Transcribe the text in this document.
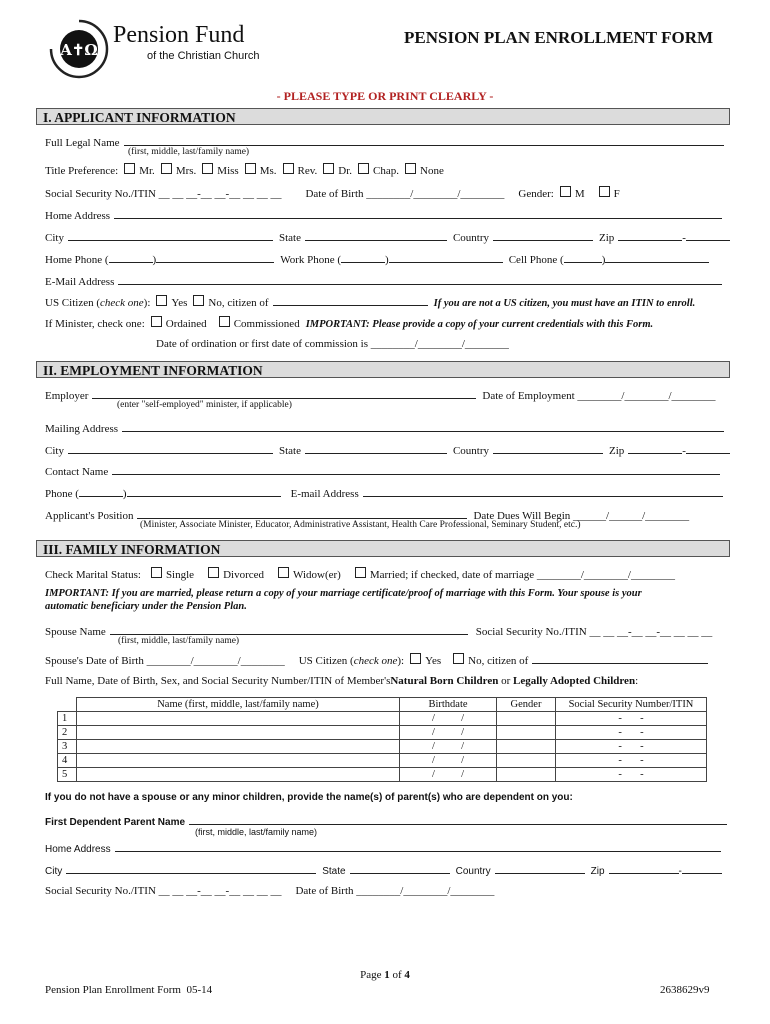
A✝Ω
Pension Fund
of the Christian Church
PENSION PLAN ENROLLMENT FORM
- PLEASE TYPE OR PRINT CLEARLY -
I. APPLICANT INFORMATION
Full Legal Name
(first, middle, last/family name)
Title Preference: Mr. Mrs. Miss Ms. Rev. Dr. Chap. None
Social Security No./ITIN __ __ __-__ __-__ __ __ __ Date of Birth ________/________/________ Gender: M	F
Home Address
City	State	Country	Zip	-
Home Phone (	)	Work Phone (	)	Cell Phone (	)
E-Mail Address
US Citizen ( check one ): Yes No, citizen of	If you are not a US citizen, you must have an ITIN to enroll.
If Minister, check one: Ordained Commissioned IMPORTANT: Please provide a copy of your current credentials with this Form.
Date of ordination or first date of commission is ________/________/________
II. EMPLOYMENT INFORMATION
Employer	Date of Employment ________/________/________
(enter "self-employed" minister, if applicable)
Mailing Address
City	State	Country	Zip	-
Contact Name
Phone (	)	E-mail Address
Applicant's Position	Date Dues Will Begin ______/______/________
(Minister, Associate Minister, Educator, Administrative Assistant, Health Care Professional, Seminary Student, etc.)
III. FAMILY INFORMATION
Check Marital Status: Single	Divorced	Widow(er)	Married; if checked, date of marriage ________/________/________
IMPORTANT: If you are married, please return a copy of your marriage certificate/proof of marriage with this Form. Your spouse is your
automatic beneficiary under the Pension Plan.
Spouse Name	Social Security No./ITIN __ __ __-__ __-__ __ __ __
(first, middle, last/family name)
Spouse's Date of Birth ________/________/________ US Citizen ( check one ): Yes No, citizen of
Full Name, Date of Birth, Sex, and Social Security Number/ITIN of Member's Natural Born Children or Legally Adopted Children :
	Name (first, middle, last/family name)	Birthdate	Gender	Social Security Number/ITIN
1		/          /		-       -
2		/          /		-       -
3		/          /		-       -
4		/          /		-       -
5		/          /		-       -
If you do not have a spouse or any minor children, provide the name(s) of parent(s) who are dependent on you:
First Dependent Parent Name
(first, middle, last/family name)
Home Address
City	State	Country	Zip	-
Social Security No./ITIN __ __ __-__ __-__ __ __ __ Date of Birth ________/________/________
Page 1 of 4
Pension Plan Enrollment Form  05-14	2638629v9
